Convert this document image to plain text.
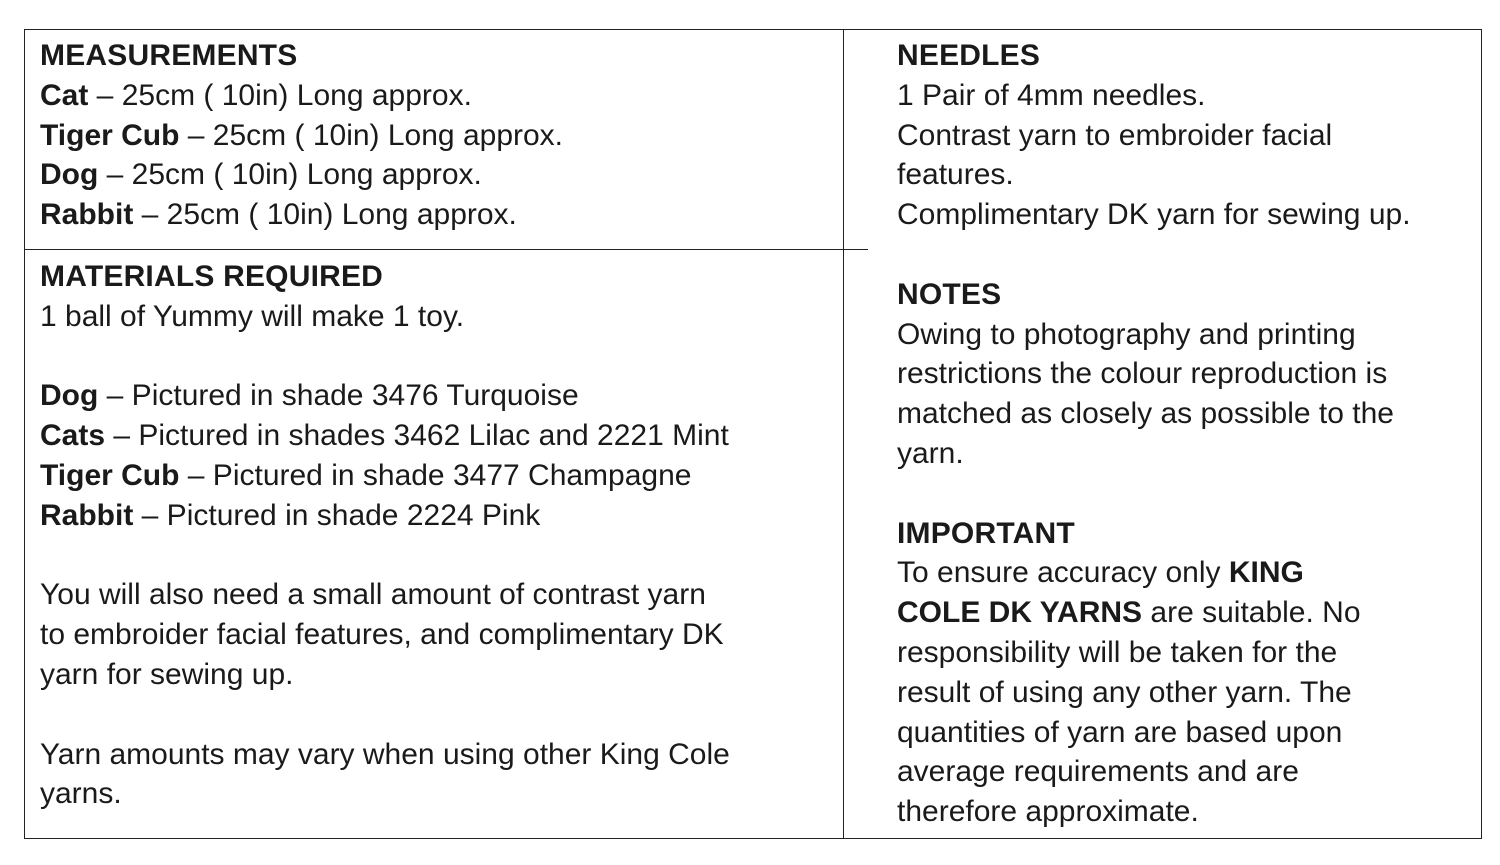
MEASUREMENTS
Cat – 25cm ( 10in) Long approx.
Tiger Cub – 25cm ( 10in) Long approx.
Dog – 25cm ( 10in) Long approx.
Rabbit – 25cm ( 10in) Long approx.
MATERIALS REQUIRED
1 ball of Yummy will make 1 toy.
Dog – Pictured in shade 3476 Turquoise
Cats – Pictured in shades 3462 Lilac and 2221 Mint
Tiger Cub – Pictured in shade 3477 Champagne
Rabbit – Pictured in shade 2224 Pink
You will also need a small amount of contrast yarn
to embroider facial features, and complimentary DK
yarn for sewing up.
Yarn amounts may vary when using other King Cole
yarns.
NEEDLES
1 Pair of 4mm needles.
Contrast yarn to embroider facial
features.
Complimentary DK yarn for sewing up.
NOTES
Owing to photography and printing
restrictions the colour reproduction is
matched as closely as possible to the
yarn.
IMPORTANT
To ensure accuracy only KING
COLE DK YARNS are suitable. No
responsibility will be taken for the
result of using any other yarn. The
quantities of yarn are based upon
average requirements and are
therefore approximate.
